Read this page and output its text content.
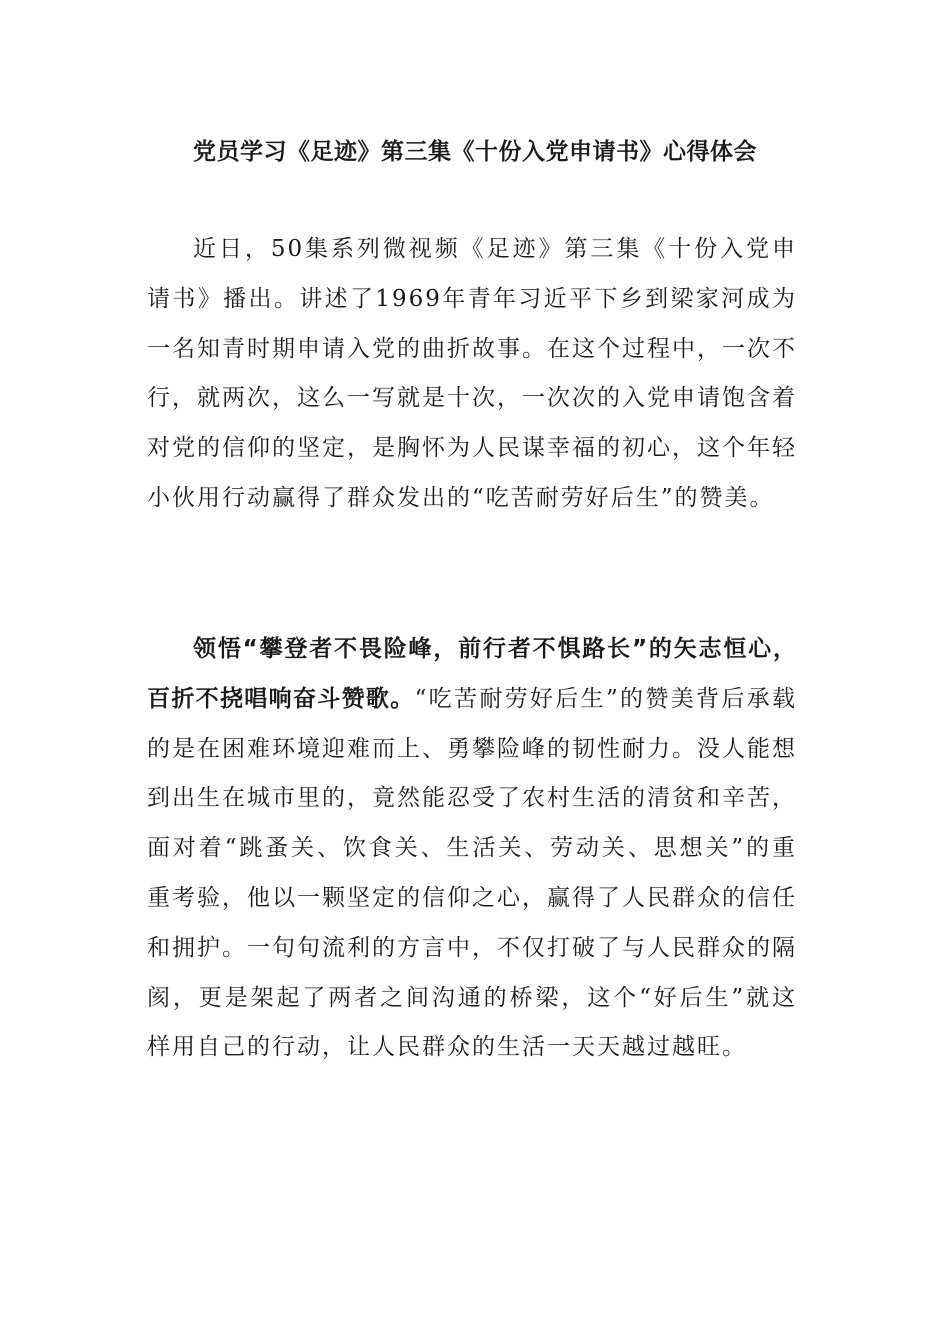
党员学习《足迹》第三集《十份入党申请书》心得体会

近日，50集系列微视频《足迹》第三集《十份入党申请书》播出。讲述了1969年青年习近平下乡到梁家河成为一名知青时期申请入党的曲折故事。在这个过程中，一次不行，就两次，这么一写就是十次，一次次的入党申请饱含着对党的信仰的坚定，是胸怀为人民谋幸福的初心，这个年轻小伙用行动赢得了群众发出的“吃苦耐劳好后生”的赞美。

领悟“攀登者不畏险峰，前行者不惧路长”的矢志恒心，百折不挠唱响奋斗赞歌。“吃苦耐劳好后生”的赞美背后承载的是在困难环境迎难而上、勇攀险峰的韧性耐力。没人能想到出生在城市里的，竟然能忍受了农村生活的清贫和辛苦，面对着“跳蚤关、饮食关、生活关、劳动关、思想关”的重重考验，他以一颗坚定的信仰之心，赢得了人民群众的信任和拥护。一句句流利的方言中，不仅打破了与人民群众的隔阂，更是架起了两者之间沟通的桥梁，这个“好后生”就这样用自己的行动，让人民群众的生活一天天越过越旺。
